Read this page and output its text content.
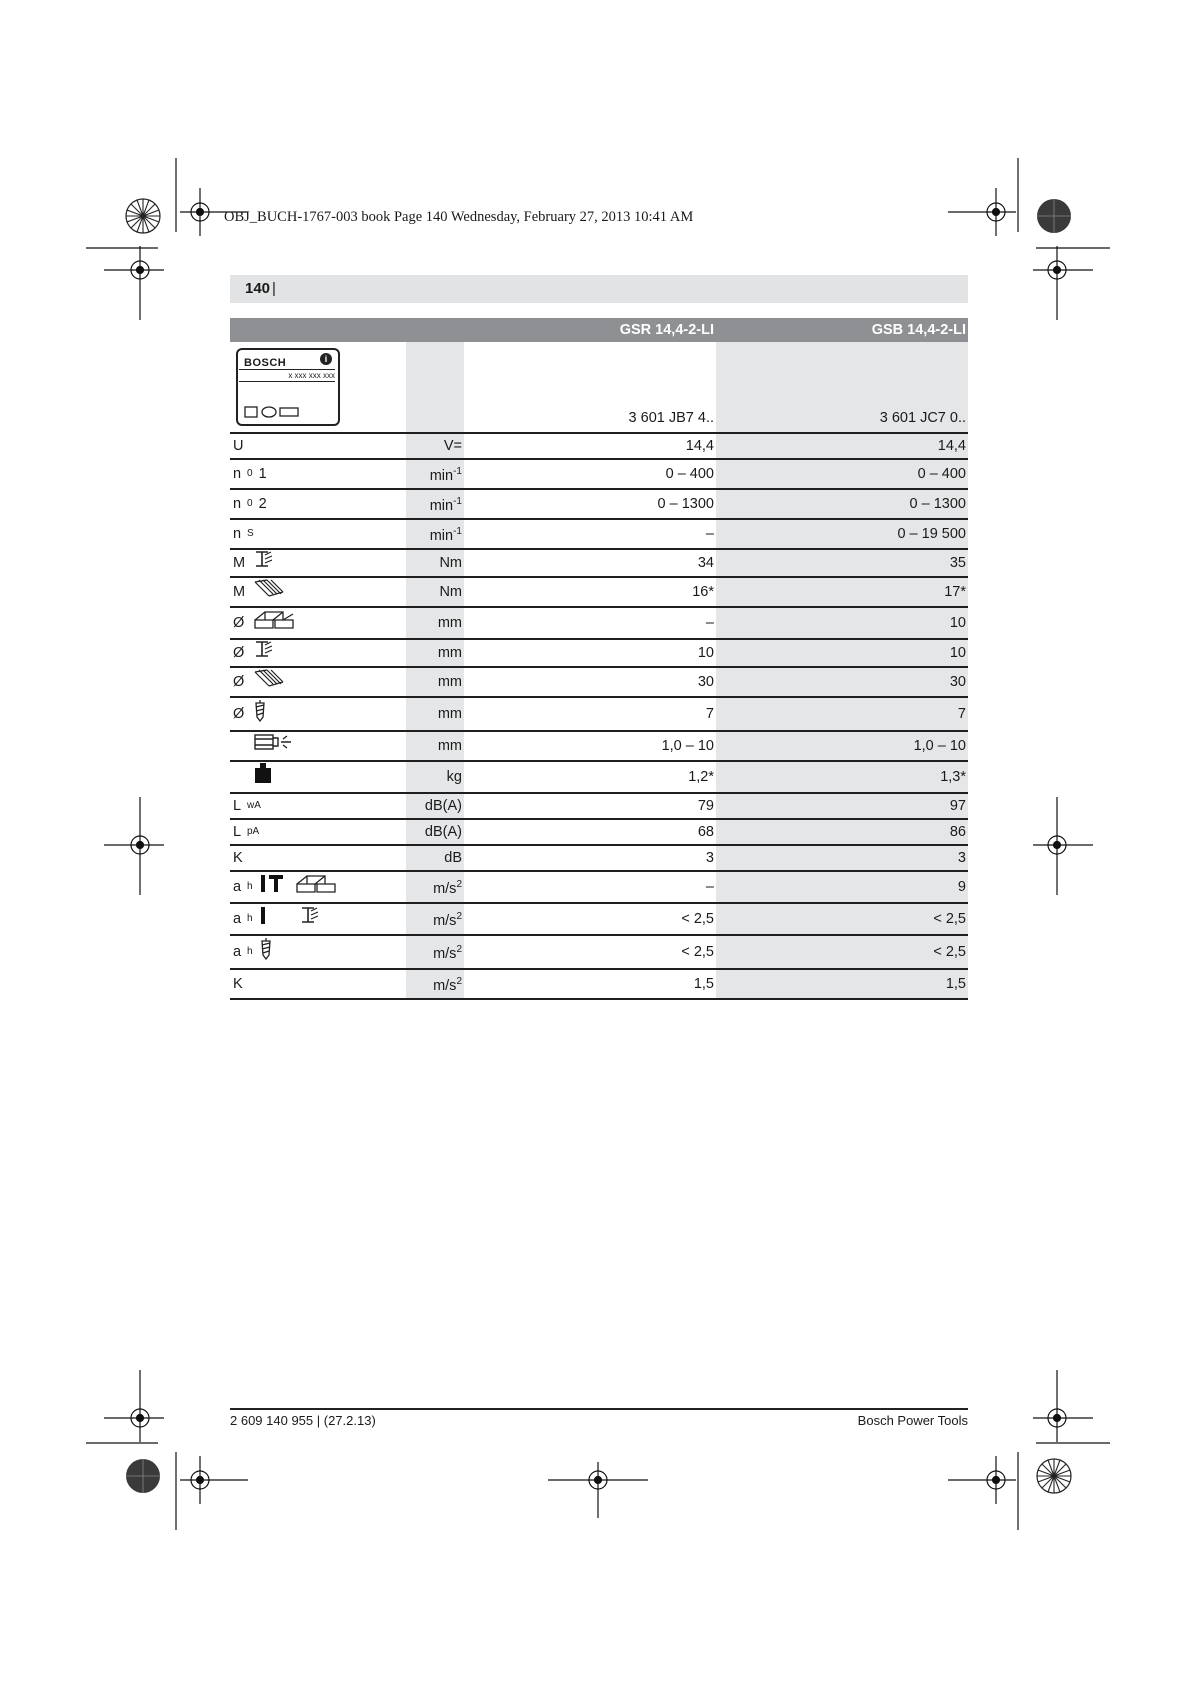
OBJ_BUCH-1767-003 book Page 140 Wednesday, February 27, 2013 10:41 AM
140 |
		GSR 14,4-2-LI	GSB 14,4-2-LI

BOSCH i
x xxx xxx xxx		3 601 JB7 4..	3 601 JC7 0..

U	V=	14,4	14,4

n 0 1	$\min^{-1}$	0 – 400	0 – 400

n 0 2	$\min^{-1}$	0 – 1300	0 – 1300

n S	$\min^{-1}$	–	0 – 19 500

M	Nm	34	35

M	Nm	16*	17*

Ø	mm	–	10

Ø	mm	10	10

Ø	mm	30	30

Ø	mm	7	7

	mm	1,0 – 10	1,0 – 10

	kg	1,2*	1,3*

L wA	dB(A)	79	97

L pA	dB(A)	68	86

K	dB	3	3

a h	$m/s^2$	–	9

a h	$m/s^2$	< 2,5	< 2,5

a h	$m/s^2$	< 2,5	< 2,5

K	$m/s^2$	1,5	1,5
2 609 140 955 | (27.2.13)	Bosch Power Tools
